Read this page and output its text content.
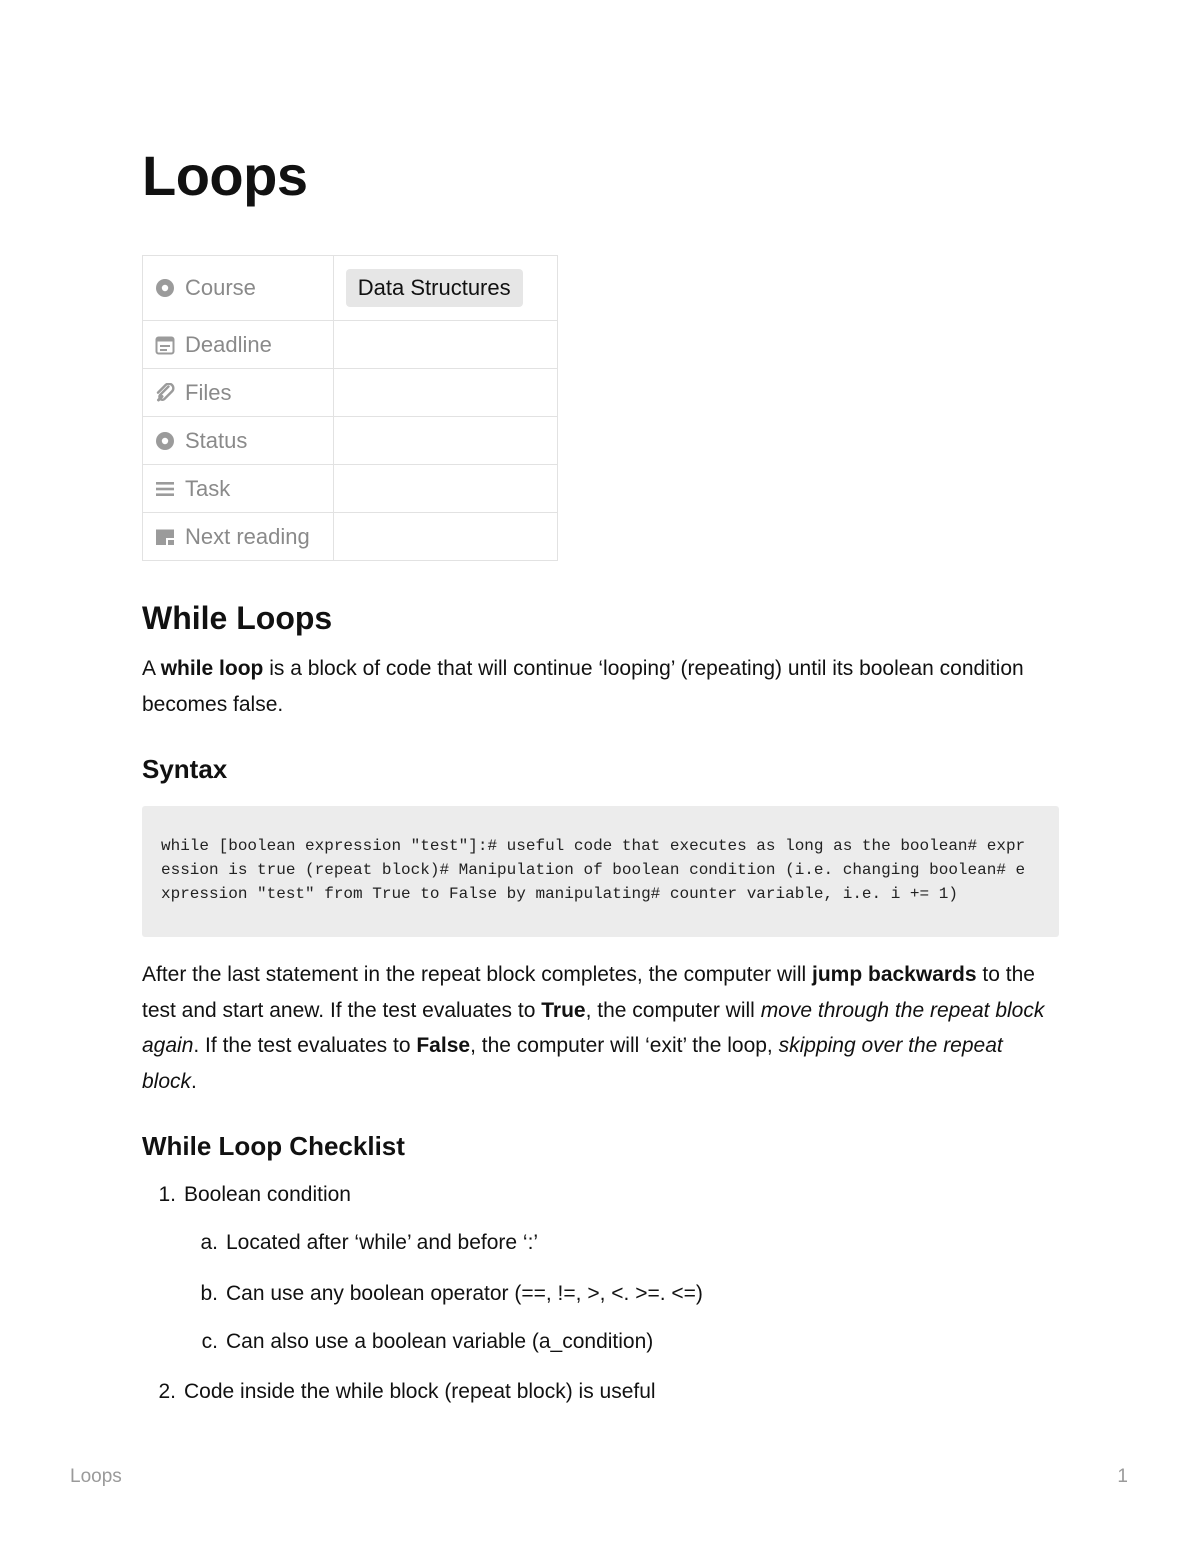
Loops
Course	Data Structures
Deadline	
Files	
Status	
Task	
Next reading	
While Loops
A while loop is a block of code that will continue ‘looping’ (repeating) until its boolean condition becomes false.
Syntax
while [boolean expression "test"]:# useful code that executes as long as the boolean# expr
ession is true (repeat block)# Manipulation of boolean condition (i.e. changing boolean# e
xpression "test" from True to False by manipulating# counter variable, i.e. i += 1)
After the last statement in the repeat block completes, the computer will jump backwards to the test and start anew. If the test evaluates to True, the computer will move through the repeat block again. If the test evaluates to False, the computer will ‘exit’ the loop, skipping over the repeat block.
While Loop Checklist
1. Boolean condition
a. Located after ‘while’ and before ‘:’
b. Can use any boolean operator (==, !=, >, <. >=. <=)
c. Can also use a boolean variable (a_condition)
2. Code inside the while block (repeat block) is useful
Loops	1
